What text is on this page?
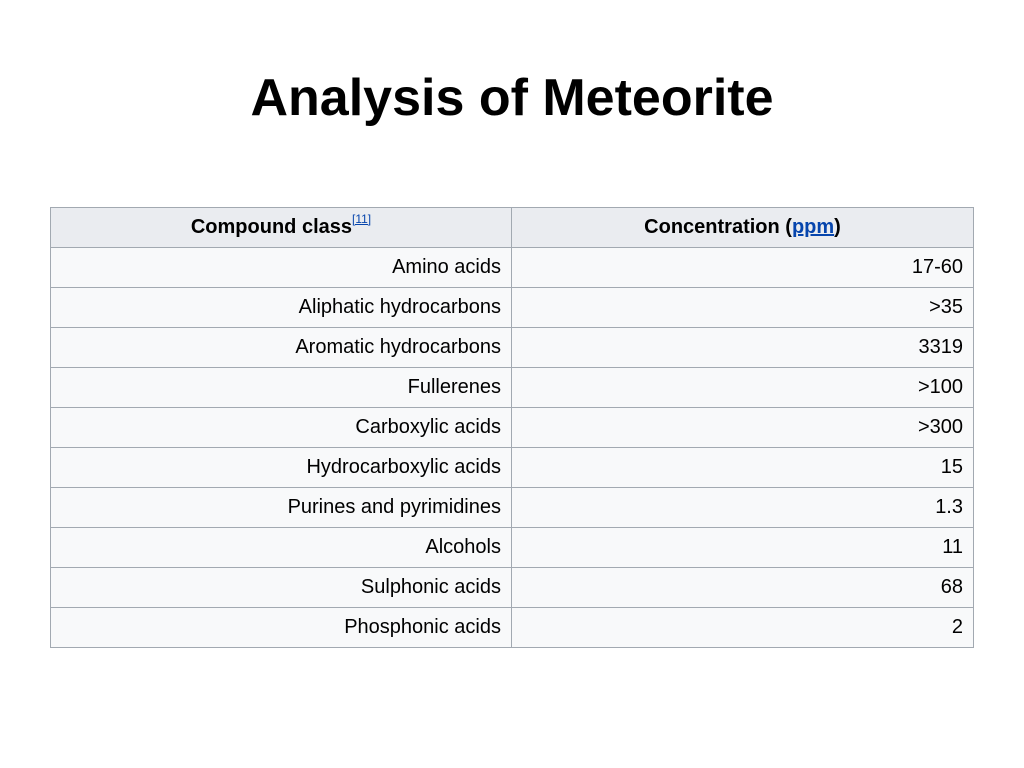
Analysis of Meteorite
Compound class[11]	Concentration (ppm)
Amino acids	17-60
Aliphatic hydrocarbons	>35
Aromatic hydrocarbons	3319
Fullerenes	>100
Carboxylic acids	>300
Hydrocarboxylic acids	15
Purines and pyrimidines	1.3
Alcohols	11
Sulphonic acids	68
Phosphonic acids	2
